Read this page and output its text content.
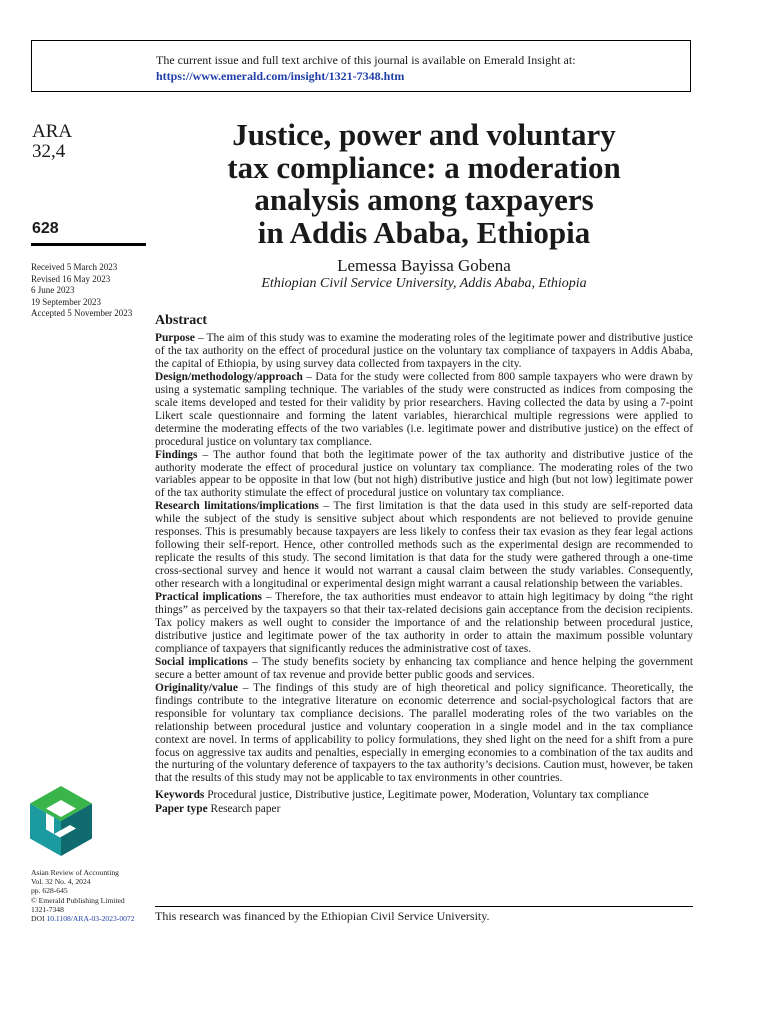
The current issue and full text archive of this journal is available on Emerald Insight at:
https://www.emerald.com/insight/1321-7348.htm
ARA
32,4
628
Received 5 March 2023
Revised 16 May 2023
6 June 2023
19 September 2023
Accepted 5 November 2023
Justice, power and voluntary
tax compliance: a moderation
analysis among taxpayers
in Addis Ababa, Ethiopia
Lemessa Bayissa Gobena
Ethiopian Civil Service University, Addis Ababa, Ethiopia
Abstract

Purpose – The aim of this study was to examine the moderating roles of the legitimate power and distributive justice of the tax authority on the effect of procedural justice on the voluntary tax compliance of taxpayers in Addis Ababa, the capital of Ethiopia, by using survey data collected from taxpayers in the city.

Design/methodology/approach – Data for the study were collected from 800 sample taxpayers who were drawn by using a systematic sampling technique. The variables of the study were constructed as indices from composing the scale items developed and tested for their validity by prior researchers. Having collected the data by using a 7-point Likert scale questionnaire and forming the latent variables, hierarchical multiple regressions were applied to determine the moderating effects of the two variables (i.e. legitimate power and distributive justice) on the effect of procedural justice on voluntary tax compliance.

Findings – The author found that both the legitimate power of the tax authority and distributive justice of the authority moderate the effect of procedural justice on voluntary tax compliance. The moderating roles of the two variables appear to be opposite in that low (but not high) distributive justice and high (but not low) legitimate power of the tax authority stimulate the effect of procedural justice on voluntary tax compliance.

Research limitations/implications – The first limitation is that the data used in this study are self-reported data while the subject of the study is sensitive subject about which respondents are not believed to provide genuine responses. This is presumably because taxpayers are less likely to confess their tax evasion as they fear legal actions following their self-report. Hence, other controlled methods such as the experimental design are recommended to replicate the results of this study. The second limitation is that data for the study were gathered through a one-time cross-sectional survey and hence it would not warrant a causal claim between the study variables. Consequently, other research with a longitudinal or experimental design might warrant a causal relationship between the variables.

Practical implications – Therefore, the tax authorities must endeavor to attain high legitimacy by doing “the right things” as perceived by the taxpayers so that their tax-related decisions gain acceptance from the decision recipients. Tax policy makers as well ought to consider the importance of and the relationship between procedural justice, distributive justice and legitimate power of the tax authority in order to attain the maximum possible voluntary compliance of taxpayers that significantly reduces the administrative cost of taxes.

Social implications – The study benefits society by enhancing tax compliance and hence helping the government secure a better amount of tax revenue and provide better public goods and services.

Originality/value – The findings of this study are of high theoretical and policy significance. Theoretically, the findings contribute to the integrative literature on economic deterrence and social-psychological factors that are responsible for voluntary tax compliance decisions. The parallel moderating roles of the two variables on the relationship between procedural justice and voluntary cooperation in a single model and in the tax compliance context are novel. In terms of applicability to policy formulations, they shed light on the need for a shift from a pure focus on aggressive tax audits and penalties, especially in emerging economies to a combination of the tax audits and the nurturing of the voluntary deference of taxpayers to the tax authority’s decisions. Caution must, however, be taken that the results of this study may not be applicable to tax environments in other countries.

Keywords Procedural justice, Distributive justice, Legitimate power, Moderation, Voluntary tax compliance

Paper type Research paper

Asian Review of Accounting
Vol. 32 No. 4, 2024
pp. 628-645
© Emerald Publishing Limited
1321-7348
DOI 10.1108/ARA-03-2023-0072 This research was financed by the Ethiopian Civil Service University.
